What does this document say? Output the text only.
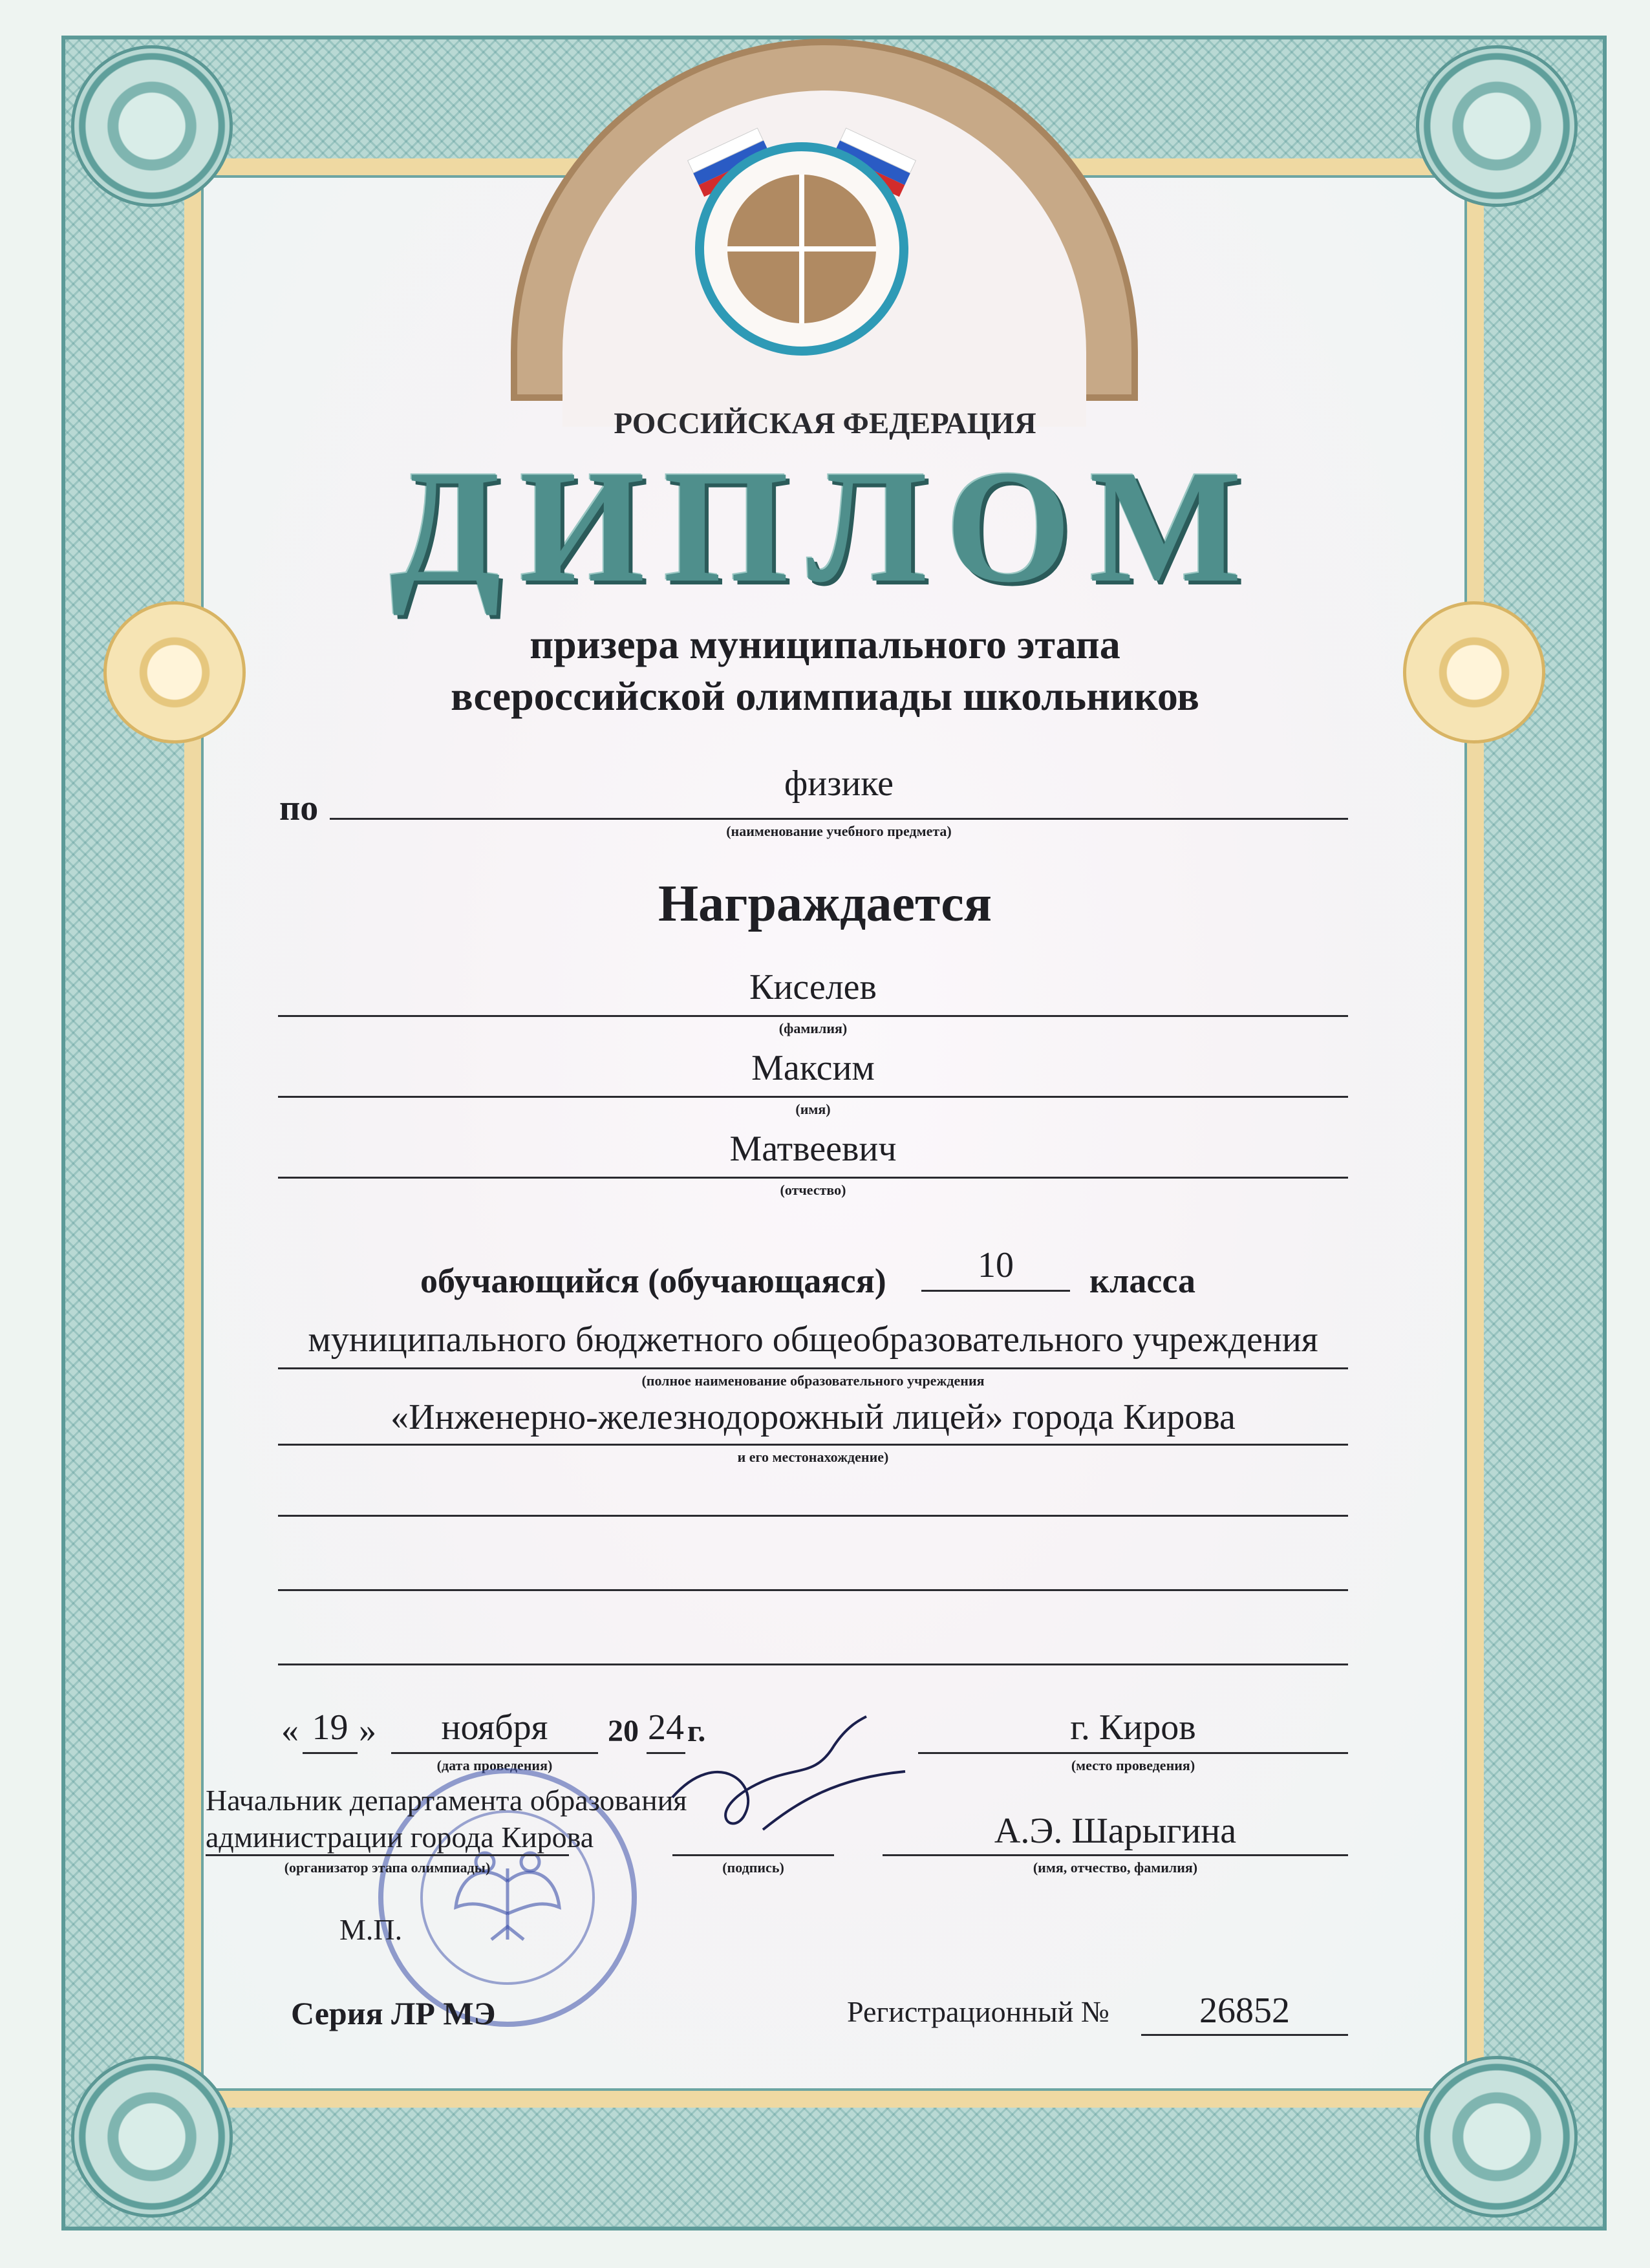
РОССИЙСКАЯ ФЕДЕРАЦИЯ
ДИПЛОМ
призера муниципального этапа
всероссийской олимпиады школьников
по
физике
(наименование учебного предмета)
Награждается
Киселев
(фамилия)
Максим
(имя)
Матвеевич
(отчество)
обучающийся (обучающаяся)	10	класса
муниципального бюджетного общеобразовательного учреждения
(полное наименование образовательного учреждения
«Инженерно-железнодорожный лицей» города Кирова
и его местонахождение)
« 19 »	ноября	20 24 г.
(дата проведения)
г. Киров
(место проведения)
Начальник департамента образования
администрации города Кирова
(организатор этапа олимпиады)	(подпись)
А.Э. Шарыгина
(имя, отчество, фамилия)
М.П.
Серия ЛР МЭ	Регистрационный №	26852
